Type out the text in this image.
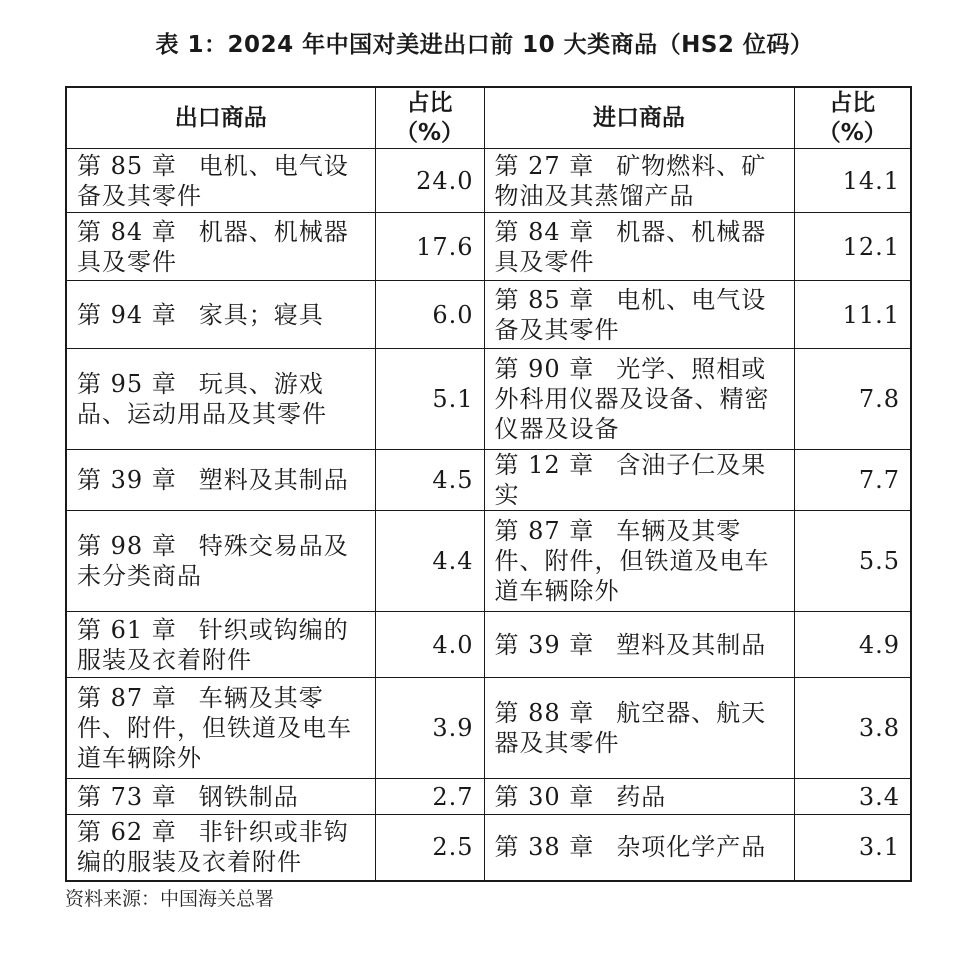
表 1：2024 年中国对美进出口前 10 大类商品（HS2 位码）
出口商品	占比（%）	进口商品	占比（%）
第 85 章 电机、电气设备及其零件	24.0	第 27 章 矿物燃料、矿物油及其蒸馏产品	14.1
第 84 章 机器、机械器具及零件	17.6	第 84 章 机器、机械器具及零件	12.1
第 94 章 家具；寝具	6.0	第 85 章 电机、电气设备及其零件	11.1
第 95 章 玩具、游戏品、运动用品及其零件	5.1	第 90 章 光学、照相或外科用仪器及设备、精密仪器及设备	7.8
第 39 章 塑料及其制品	4.5	第 12 章 含油子仁及果实	7.7
第 98 章 特殊交易品及未分类商品	4.4	第 87 章 车辆及其零件、附件，但铁道及电车道车辆除外	5.5
第 61 章 针织或钩编的服装及衣着附件	4.0	第 39 章 塑料及其制品	4.9
第 87 章 车辆及其零件、附件，但铁道及电车道车辆除外	3.9	第 88 章 航空器、航天器及其零件	3.8
第 73 章 钢铁制品	2.7	第 30 章 药品	3.4
第 62 章 非针织或非钩编的服装及衣着附件	2.5	第 38 章 杂项化学产品	3.1
资料来源：中国海关总署
